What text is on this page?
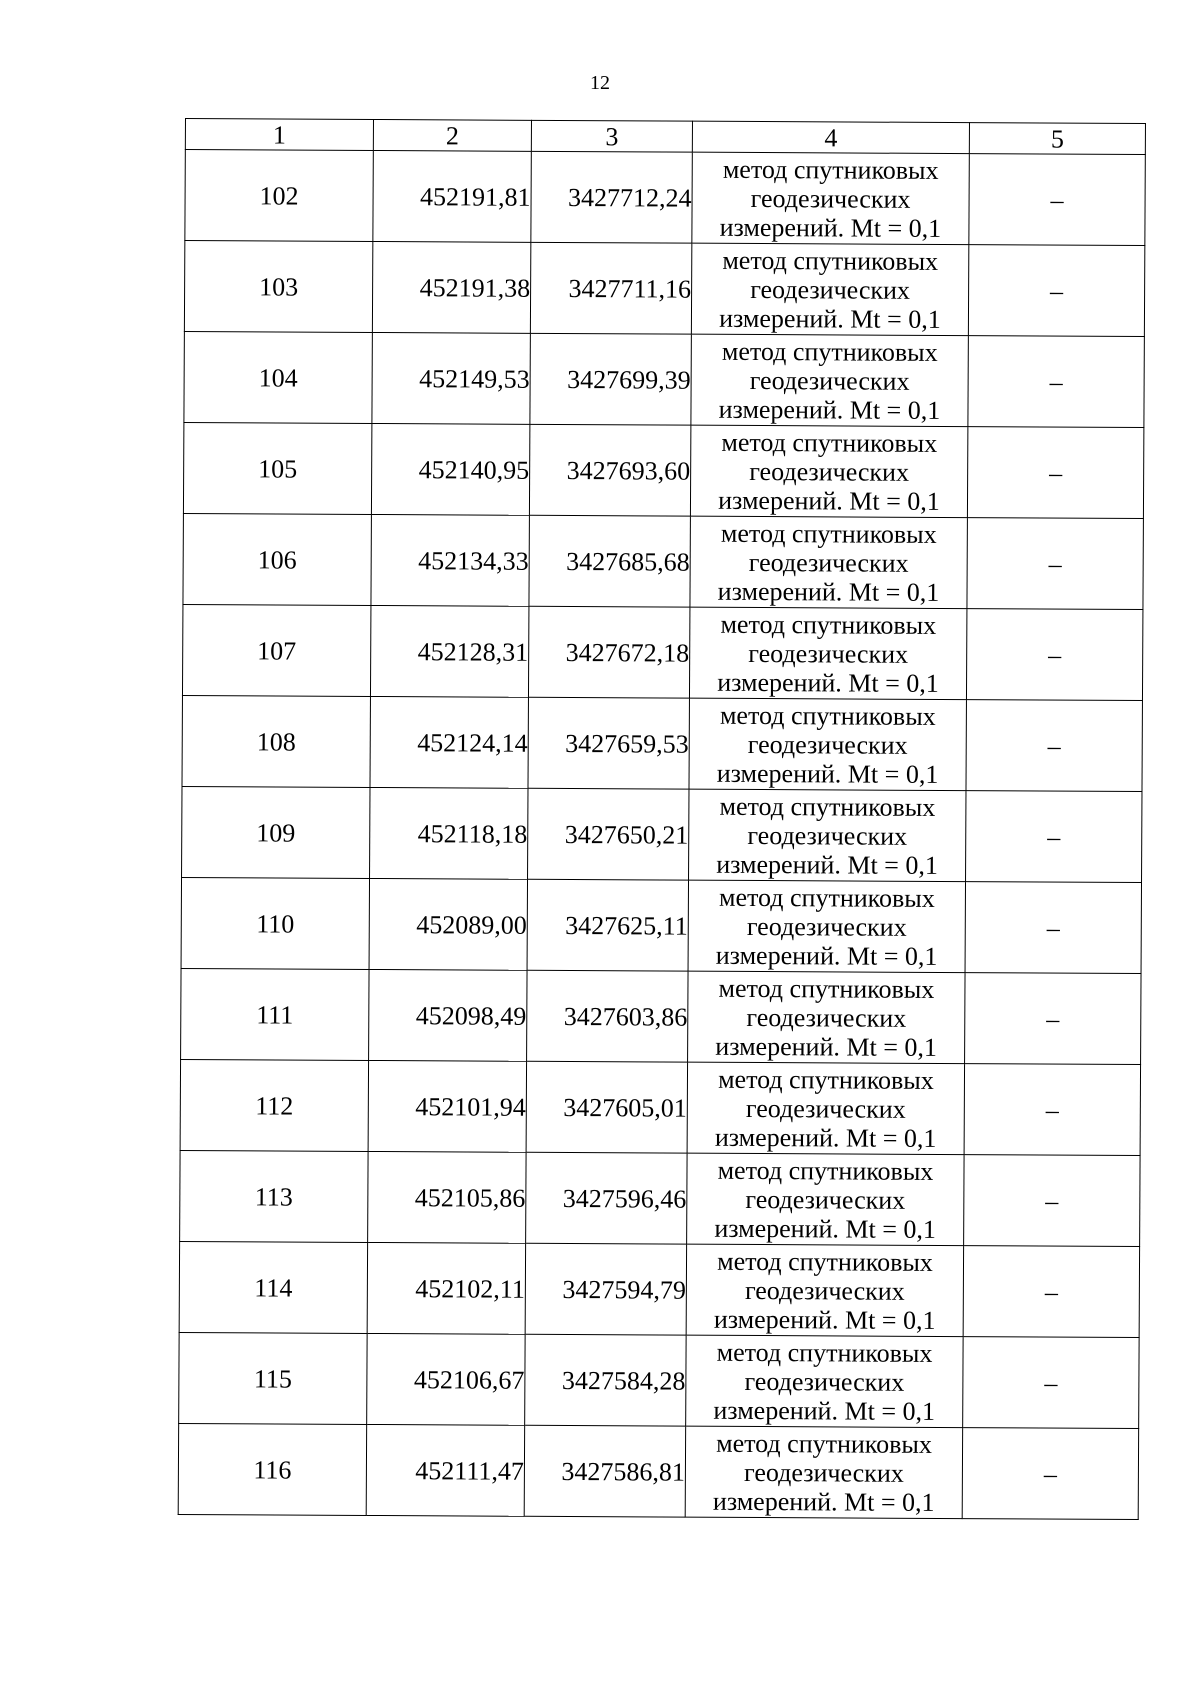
12
1	2	3	4	5
102	452191,81	3427712,24	метод спутниковых
геодезических
измерений. Mt = 0,1	–
103	452191,38	3427711,16	метод спутниковых
геодезических
измерений. Mt = 0,1	–
104	452149,53	3427699,39	метод спутниковых
геодезических
измерений. Mt = 0,1	–
105	452140,95	3427693,60	метод спутниковых
геодезических
измерений. Mt = 0,1	–
106	452134,33	3427685,68	метод спутниковых
геодезических
измерений. Mt = 0,1	–
107	452128,31	3427672,18	метод спутниковых
геодезических
измерений. Mt = 0,1	–
108	452124,14	3427659,53	метод спутниковых
геодезических
измерений. Mt = 0,1	–
109	452118,18	3427650,21	метод спутниковых
геодезических
измерений. Mt = 0,1	–
110	452089,00	3427625,11	метод спутниковых
геодезических
измерений. Mt = 0,1	–
111	452098,49	3427603,86	метод спутниковых
геодезических
измерений. Mt = 0,1	–
112	452101,94	3427605,01	метод спутниковых
геодезических
измерений. Mt = 0,1	–
113	452105,86	3427596,46	метод спутниковых
геодезических
измерений. Mt = 0,1	–
114	452102,11	3427594,79	метод спутниковых
геодезических
измерений. Mt = 0,1	–
115	452106,67	3427584,28	метод спутниковых
геодезических
измерений. Mt = 0,1	–
116	452111,47	3427586,81	метод спутниковых
геодезических
измерений. Mt = 0,1	–
